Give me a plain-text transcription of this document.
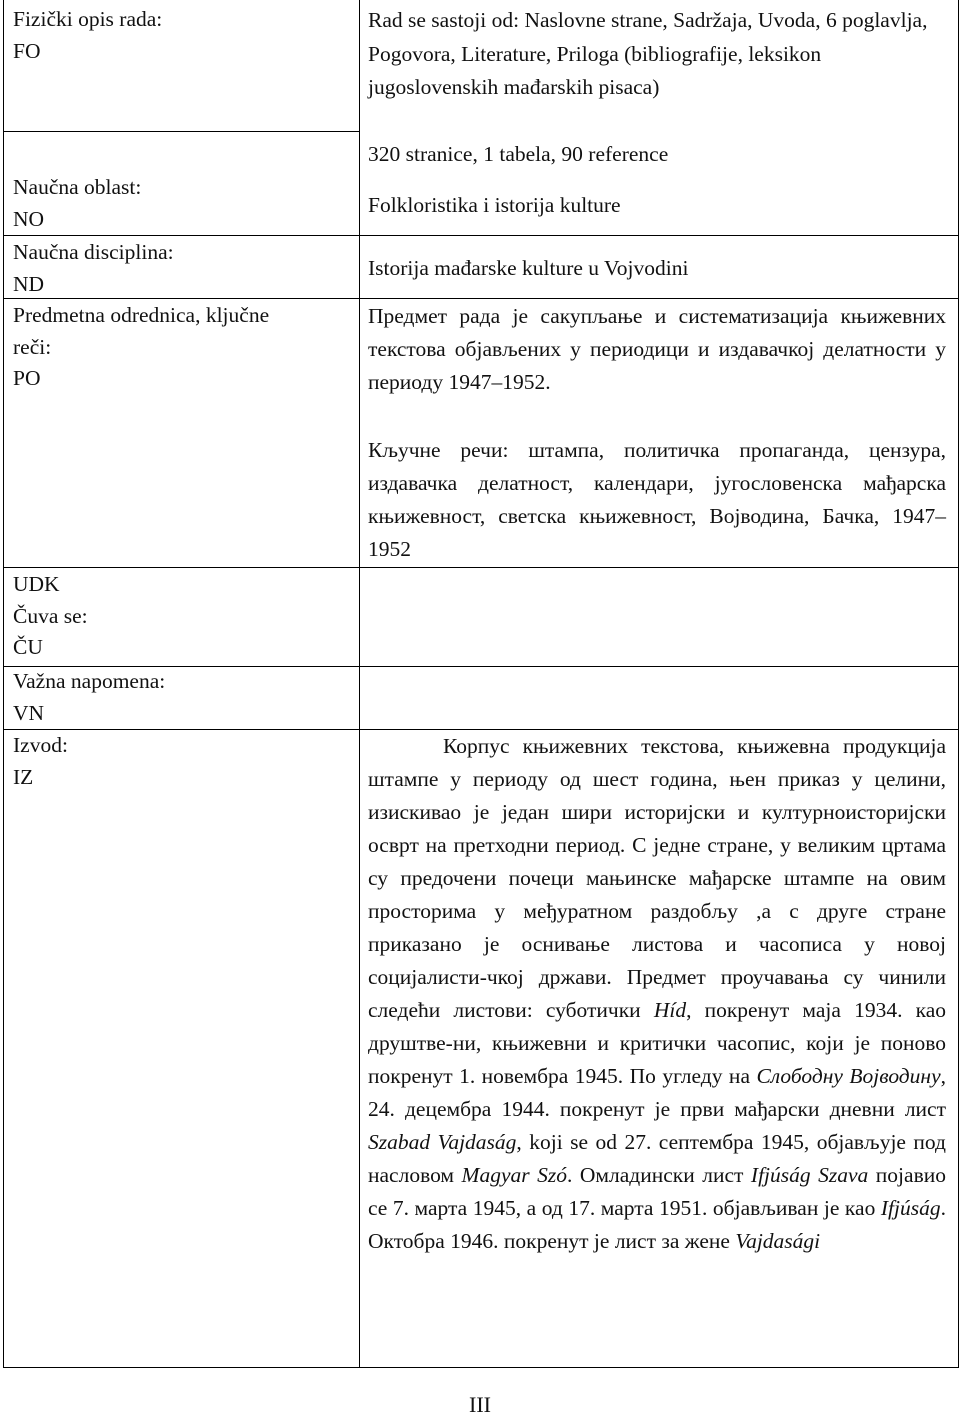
Fizički opis rada:
FO
Naučna oblast:
NO
Naučna disciplina:
ND
Predmetna odrednica, ključne
reči:
PO
UDK
Čuva se:
ČU
Važna napomena:
VN
Izvod:
IZ
Rad se sastoji od: Naslovne strane, Sadržaja, Uvoda, 6 poglavlja, Pogovora, Literature, Priloga (bibliografije, leksikon jugoslovenskih mađarskih pisaca)
320 stranice, 1 tabela, 90 reference
Folkloristika i istorija kulture
Istorija mađarske kulture u Vojvodini
Предмет рада је сакупљање и систематизација књижевних текстова објављених у периодици и издавачкој делатности у периоду 1947–1952.
Кључне речи: штампа, политичка пропаганда, цензура, издавачка делатност, календари, југословенска мађарска књижевност, светска књижевност, Војводина, Бачка, 1947–1952
Корпус књижевних текстова, књижевна продукција штампе у периоду од шест година, њен приказ у целини, изискивао је један шири историјски и културноисторијски осврт на претходни период. С једне стране, у великим цртама су предочени почеци мањинске мађарске штампе на овим просторима у међуратном раздобљу ,а с друге стране приказано је оснивање листова и часописа у новој социјалисти-чкој држави. Предмет проучавања су чинили следећи листови: суботички Híd, покренут маја 1934. као друштве-ни, књижевни и критички часопис, који је поново покренут 1. новембра 1945. По угледу на Слободну Војводину, 24. децембра 1944. покренут је први мађарски дневни лист Szabad Vajdaság, koji se od 27. септембра 1945, објављује под насловом Magyar Szó. Омладински лист Ifjúság Szava појавио се 7. марта 1945, а од 17. марта 1951. објављиван је као Ifjúság. Октобра 1946. покренут је лист за жене Vajdasági
III
